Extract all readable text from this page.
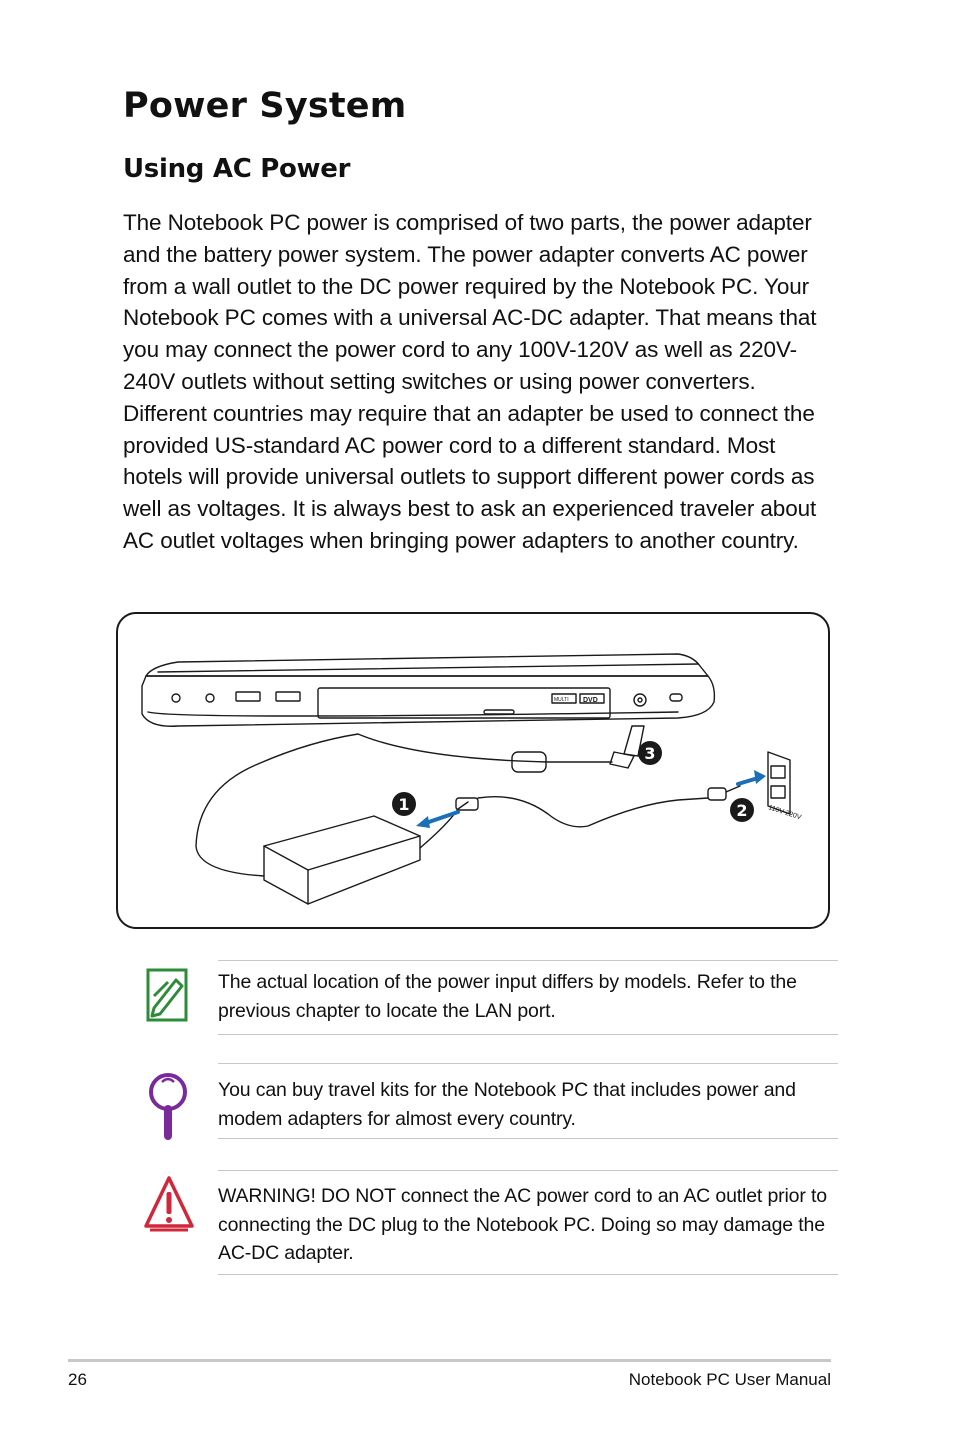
Power System
Using AC Power

The Notebook PC power is comprised of two parts, the power adapter and the battery power system. The power adapter converts AC power from a wall outlet to the DC power required by the Notebook PC. Your Notebook PC comes with a universal AC-DC adapter. That means that you may connect the power cord to any 100V-120V as well as 220V-240V outlets without setting switches or using power converters. Different countries may require that an adapter be used to connect the provided US-standard AC power cord to a different standard. Most hotels will provide universal outlets to support different power cords as well as voltages. It is always best to ask an experienced traveler about AC outlet voltages when bringing power adapters to another country.

1	2
3
110V-220V
MULTI DVD

The actual location of the power input differs by models. Refer to the previous chapter to locate the LAN port.

You can buy travel kits for the Notebook PC that includes power and modem adapters for almost every country.

WARNING! DO NOT connect the AC power cord to an AC outlet prior to connecting the DC plug to the Notebook PC. Doing so may damage the AC-DC adapter.

26	Notebook PC User Manual
